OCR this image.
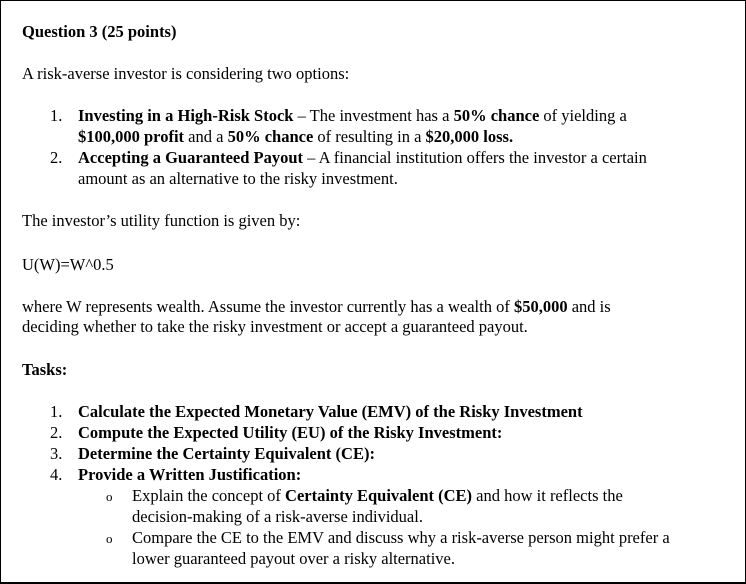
Question 3 (25 points)
A risk-averse investor is considering two options:
1. Investing in a High-Risk Stock – The investment has a 50% chance of yielding a
$100,000 profit and a 50% chance of resulting in a $20,000 loss.
2. Accepting a Guaranteed Payout – A financial institution offers the investor a certain
amount as an alternative to the risky investment.
The investor’s utility function is given by:
U(W)=W^0.5
where W represents wealth. Assume the investor currently has a wealth of $50,000 and is
deciding whether to take the risky investment or accept a guaranteed payout.
Tasks:
1. Calculate the Expected Monetary Value (EMV) of the Risky Investment
2. Compute the Expected Utility (EU) of the Risky Investment:
3. Determine the Certainty Equivalent (CE):
4. Provide a Written Justification:
o Explain the concept of Certainty Equivalent (CE) and how it reflects the
decision-making of a risk-averse individual.
o Compare the CE to the EMV and discuss why a risk-averse person might prefer a
lower guaranteed payout over a risky alternative.
